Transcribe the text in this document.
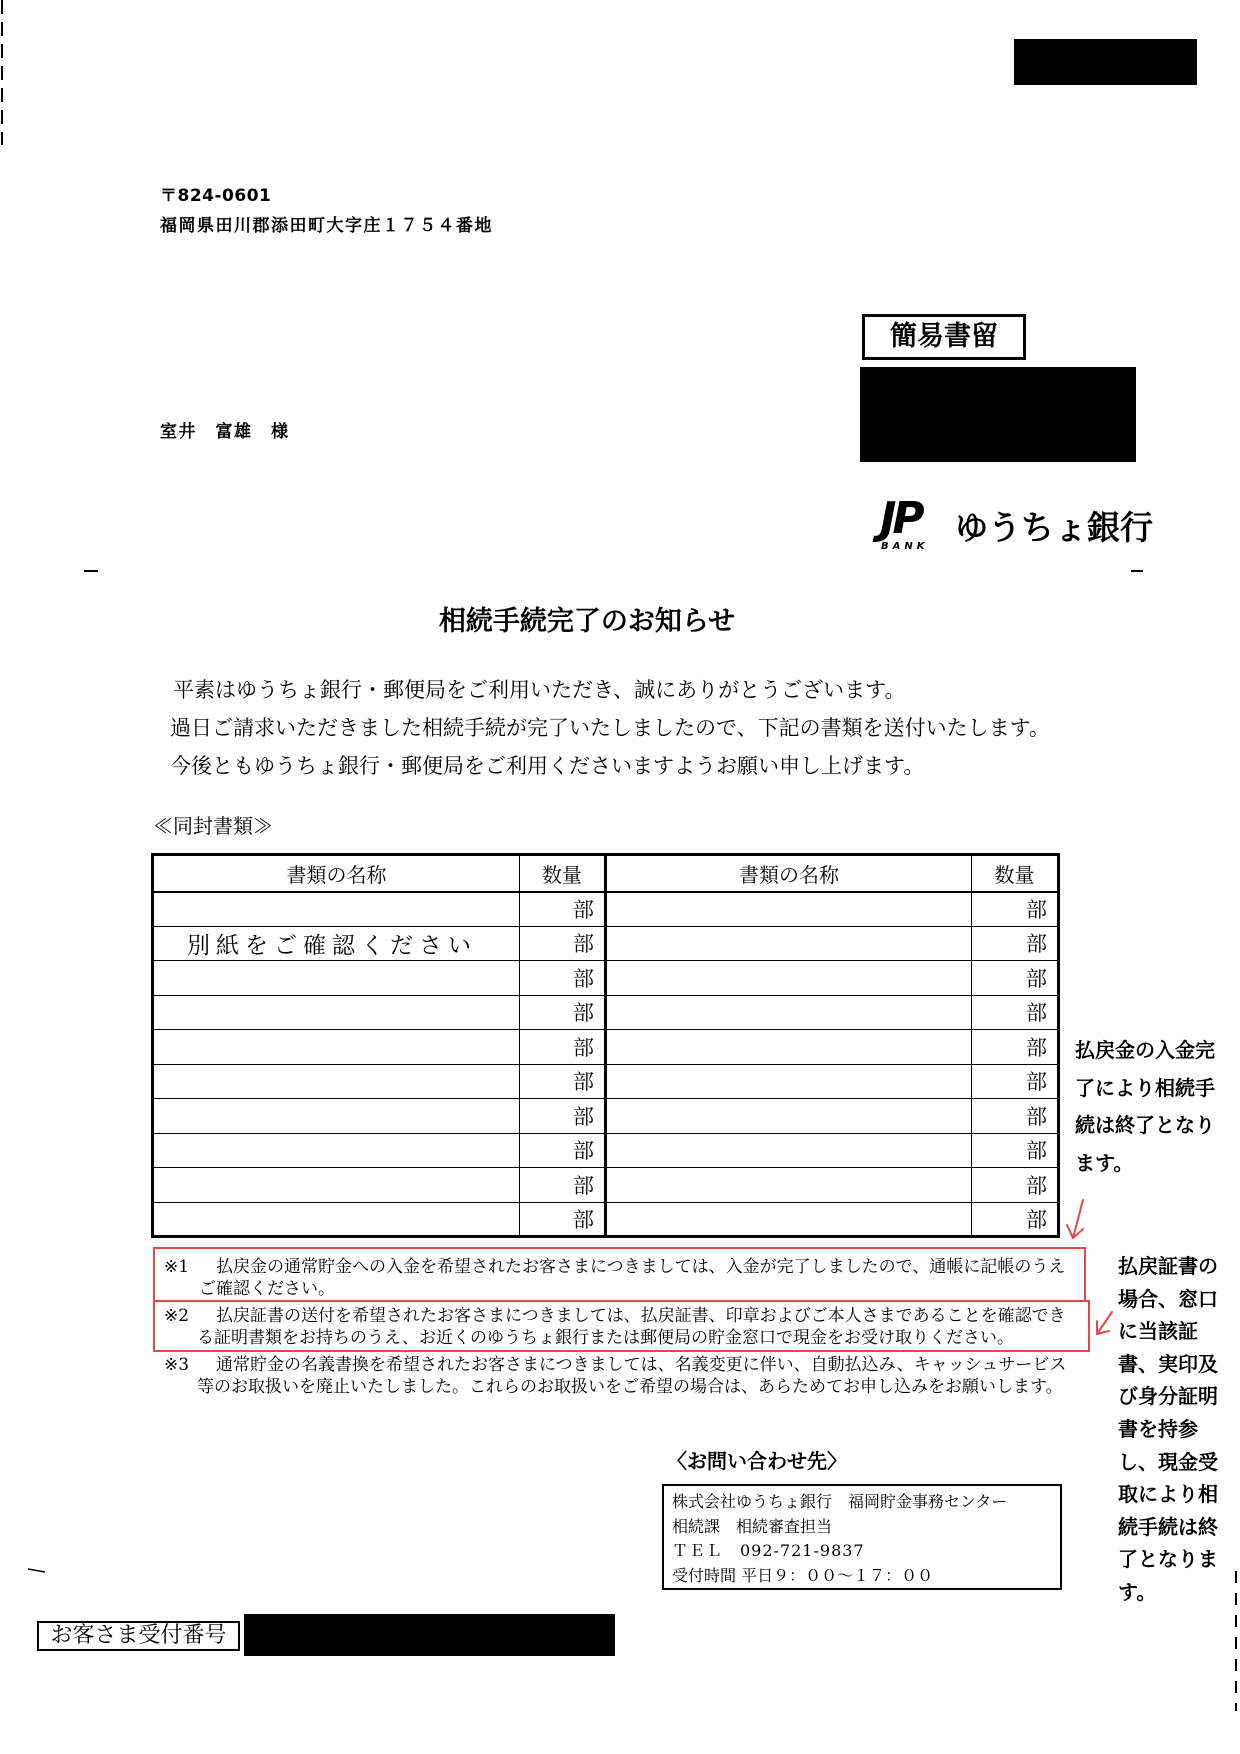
〒824-0601
福岡県田川郡添田町大字庄１７５４番地
室井　富雄　様
簡易書留
JP
BANK ゆうちょ銀行
相続手続完了のお知らせ
平素はゆうちょ銀行・郵便局をご利用いただき、誠にありがとうございます。
過日ご請求いただきました相続手続が完了いたしましたので、下記の書類を送付いたします。
今後ともゆうちょ銀行・郵便局をご利用くださいますようお願い申し上げます。
≪同封書類≫
書類の名称	数量	書類の名称	数量
	部		部
別紙をご確認ください	部		部
	部		部
	部		部
	部		部
	部		部
	部		部
	部		部
	部		部
	部		部
払戻金の入金完
了により相続手
続は終了となり
ます。
※1 払戻金の通常貯金への入金を希望されたお客さまにつきましては、入金が完了しましたので、通帳に記帳のうえ
ご確認ください。
※2 払戻証書の送付を希望されたお客さまにつきましては、払戻証書、印章およびご本人さまであることを確認でき
る証明書類をお持ちのうえ、お近くのゆうちょ銀行または郵便局の貯金窓口で現金をお受け取りください。
※3 通常貯金の名義書換を希望されたお客さまにつきましては、名義変更に伴い、自動払込み、キャッシュサービス
等のお取扱いを廃止いたしました。これらのお取扱いをご希望の場合は、あらためてお申し込みをお願いします。
払戻証書の
場合、窓口
に当該証
書、実印及
び身分証明
書を持参
し、現金受
取により相
続手続は終
了となりま
す。
〈お問い合わせ先〉
株式会社ゆうちょ銀行　福岡貯金事務センター
相続課　相続審査担当
ＴＥＬ　092-721-9837
受付時間 平日９：００～１７：００
お客さま受付番号
